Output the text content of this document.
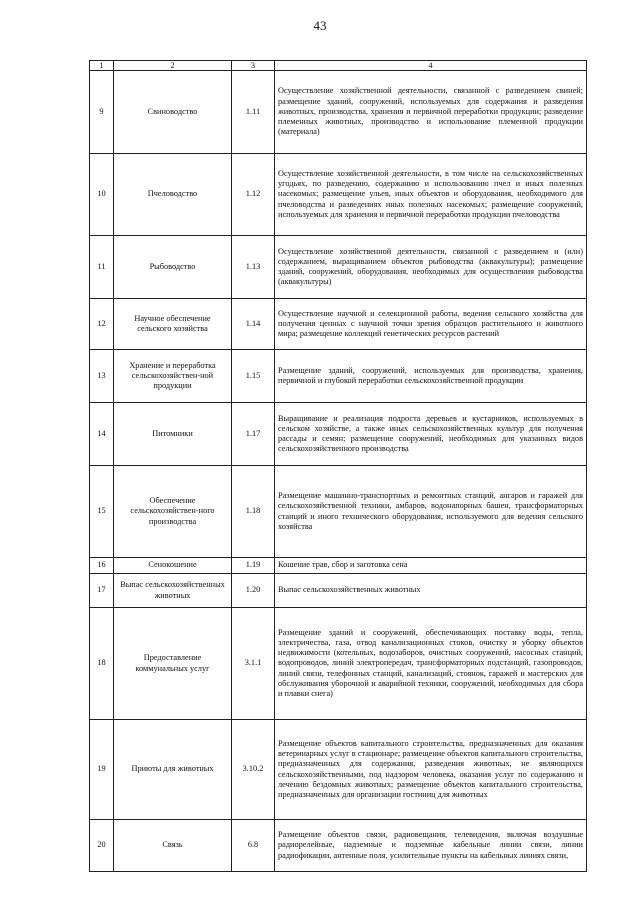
43
1	2	3	4
9	Свиноводство	1.11	Осуществление хозяйственной деятельности, связанной с разведением свиней; размещение зданий, сооружений, используемых для содержания и разведения животных, производства, хранения и первичной переработки продукции; разведение племенных животных, производство и использование племенной продукции (материала)
10	Пчеловодство	1.12	Осуществление хозяйственной деятельности, в том числе на сельскохозяйственных угодьях, по разведению, содержанию и использованию пчел и иных полезных насекомых; размещение ульев, иных объектов и оборудования, необходимого для пчеловодства и разведениях иных полезных насекомых; размещение сооружений, используемых для хранения и первичной переработки продукции пчеловодства
11	Рыбоводство	1.13	Осуществление хозяйственной деятельности, связанной с разведением и (или) содержанием, выращиванием объектов рыбоводства (аквакультуры); размещение зданий, сооружений, оборудования, необходимых для осуществления рыбоводства (аквакультуры)
12	Научное обеспечение сельского хозяйства	1.14	Осуществление научной и селекционной работы, ведения сельского хозяйства для получения ценных с научной точки зрения образцов растительного и животного мира; размещение коллекций генетических ресурсов растений
13	Хранение и переработка сельскохозяйствен-ной продукции	1.15	Размещение зданий, сооружений, используемых для производства, хранения, первичной и глубокой переработки сельскохозяйственной продукции
14	Питомники	1.17	Выращивание и реализация подроста деревьев и кустарников, используемых в сельском хозяйстве, а также иных сельскохозяйственных культур для получения рассады и семян; размещение сооружений, необходимых для указанных видов сельскохозяйственного производства
15	Обеспечение сельскохозяйствен-ного производства	1.18	Размещение машинно-транспортных и ремонтных станций, ангаров и гаражей для сельскохозяйственной техники, амбаров, водонапорных башен, трансформаторных станций и иного технического оборудования, используемого для ведения сельского хозяйства
16	Сенокошение	1.19	Кошение трав, сбор и заготовка сена
17	Выпас сельскохозяйственных животных	1.20	Выпас сельскохозяйственных животных
18	Предоставление коммунальных услуг	3.1.1	Размещение зданий и сооружений, обеспечивающих поставку воды, тепла, электричества, газа, отвод канализационных стоков, очистку и уборку объектов недвижимости (котельных, водозаборов, очистных сооружений, насосных станций, водопроводов, линий электропередач, трансформаторных подстанций, газопроводов, линий связи, телефонных станций, канализаций, стоянок, гаражей и мастерских для обслуживания уборочной и аварийной техники, сооружений, необходимых для сбора и плавки снега)
19	Приюты для животных	3.10.2	Размещение объектов капитального строительства, предназначенных для оказания ветеринарных услуг в стационаре; размещение объектов капитального строительства, предназначенных для содержания, разведения животных, не являющихся сельскохозяйственными, под надзором человека, оказания услуг по содержанию и лечению бездомных животных; размещение объектов капитального строительства, предназначенных для организации гостиниц для животных
20	Связь	6.8	Размещение объектов связи, радиовещания, телевидения, включая воздушные радиорелейные, надземные и подземные кабельные линии связи, линии радиофикации, антенные поля, усилительные пункты на кабельных линиях связи,
